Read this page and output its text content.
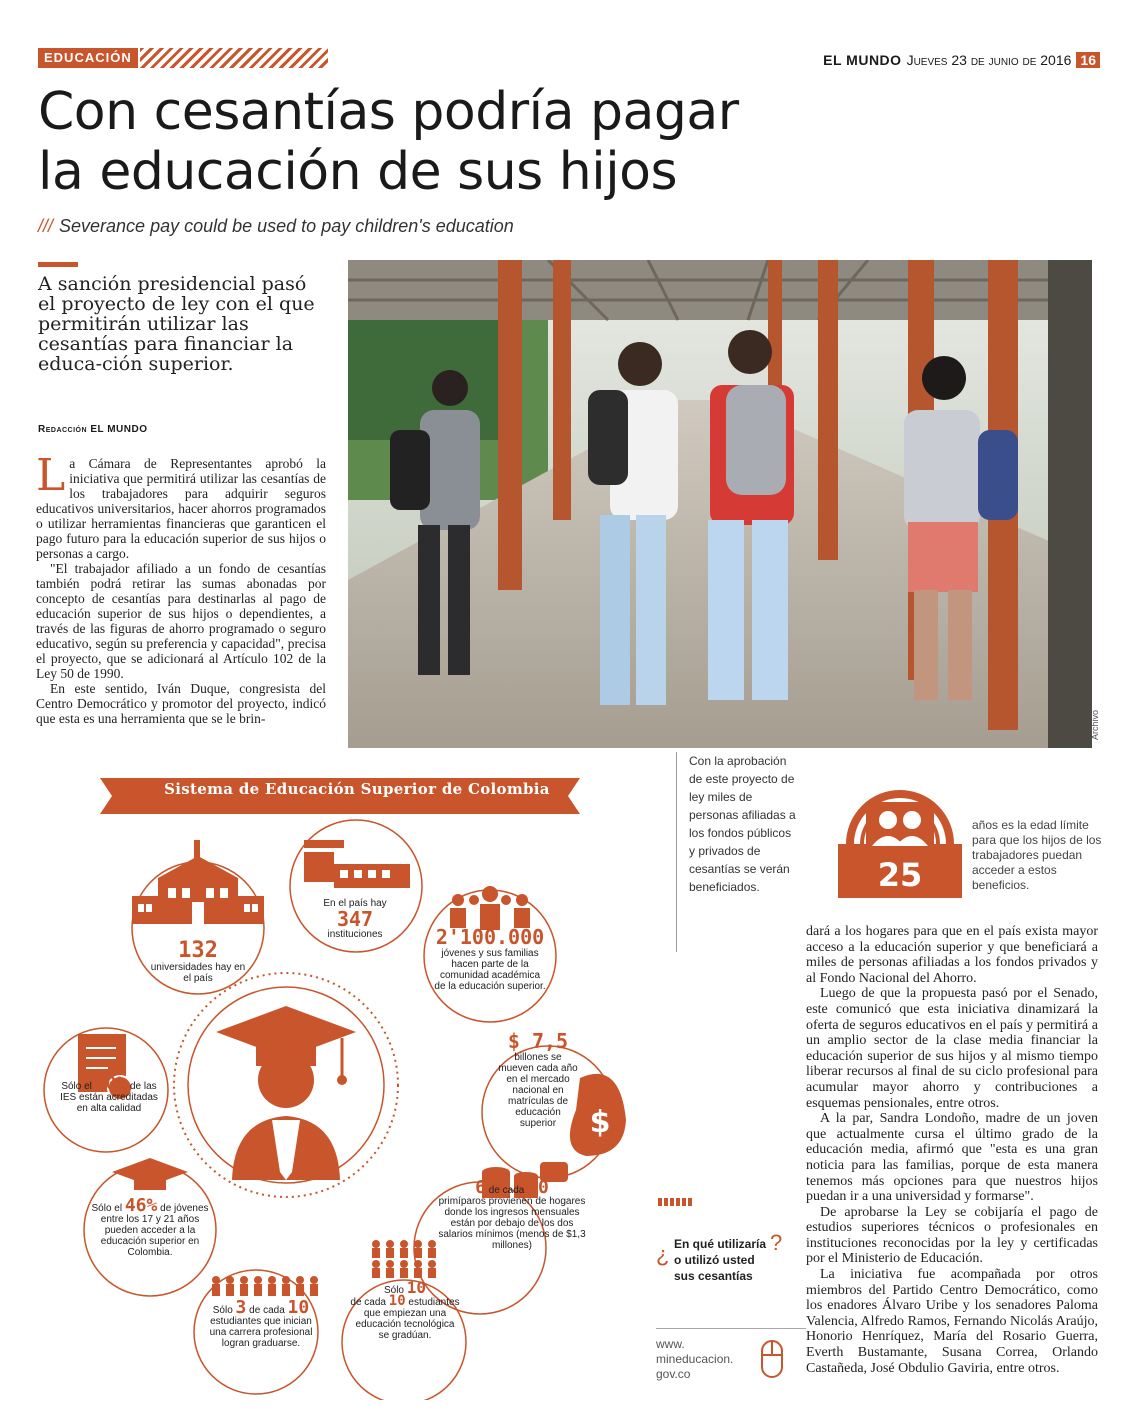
EDUCACIÓN	EL MUNDO Jueves 23 de junio de 2016 16
Con cesantías podría pagar
la educación de sus hijos
/// Severance pay could be used to pay children's education

A sanción presidencial pasó el proyecto de ley con el que permitirán utilizar las cesantías para financiar la educa-ción superior.

Redacción EL MUNDO

La Cámara de Representantes aprobó la iniciativa que permitirá utilizar las cesantías de los trabajadores para adquirir seguros educativos universitarios, hacer ahorros programados o utilizar herramientas financieras que garanticen el pago futuro para la educación superior de sus hijos o personas a cargo.

"El trabajador afiliado a un fondo de cesantías también podrá retirar las sumas abonadas por concepto de cesantías para destinarlas al pago de educación superior de sus hijos o dependientes, a través de las figuras de ahorro programado o seguro educativo, según su preferencia y capacidad", precisa el proyecto, que se adicionará al Artículo 102 de la Ley 50 de 1990.

En este sentido, Iván Duque, congresista del Centro Democrático y promotor del proyecto, indicó que esta es una herramienta que se le brin-	Archivo
Con la aprobación de este proyecto de ley miles de personas afiliadas a los fondos públicos y privados de cesantías se verán beneficiados.	25
años es la edad límite para que los hijos de los trabajadores puedan acceder a estos beneficios.
$
Sistema de Educación Superior de Colombia
132
universidades hay en el país
En el país hay
347
instituciones	2'100.000
jóvenes y sus familias hacen parte de la comunidad académica de la educación superior.
$ 7,5
billones se mueven cada año en el mercado nacional en matrículas de educación superior
Sólo el 10% de las
IES están acreditadas en alta calidad
Sólo el 46% de jóvenes
entre los 17 y 21 años pueden acceder a la educación superior en Colombia.
6 de cada 10
primíparos provienen de hogares donde los ingresos mensuales están por debajo de los dos salarios mínimos (menos de $1,3 millones)
Sólo 10
de cada 10 estudiantes
que empiezan una educación tecnológica se gradúan.
Sólo 3 de cada 10
estudiantes que inician una carrera profesional logran graduarse.
¿	?
En qué utilizaría o utilizó usted sus cesantías
www.
mineducacion.
gov.co

dará a los hogares para que en el país exista mayor acceso a la educación superior y que beneficiará a miles de personas afiliadas a los fondos privados y al Fondo Nacional del Ahorro.

Luego de que la propuesta pasó por el Senado, este comunicó que esta iniciativa dinamizará la oferta de seguros educativos en el país y permitirá a un amplio sector de la clase media financiar la educación superior de sus hijos y al mismo tiempo liberar recursos al final de su ciclo profesional para acumular mayor ahorro y contribuciones a esquemas pensionales, entre otros.

A la par, Sandra Londoño, madre de un joven que actualmente cursa el último grado de la educación media, afirmó que "esta es una gran noticia para las familias, porque de esta manera tenemos más opciones para que nuestros hijos puedan ir a una universidad y formarse".

De aprobarse la Ley se cobijaría el pago de estudios superiores técnicos o profesionales en instituciones reconocidas por la ley y certificadas por el Ministerio de Educación.

La iniciativa fue acompañada por otros miembros del Partido Centro Democrático, como los enadores Álvaro Uribe y los senadores Paloma Valencia, Alfredo Ramos, Fernando Nicolás Araújo, Honorio Henríquez, María del Rosario Guerra, Everth Bustamante, Susana Correa, Orlando Castañeda, José Obdulio Gaviria, entre otros.
